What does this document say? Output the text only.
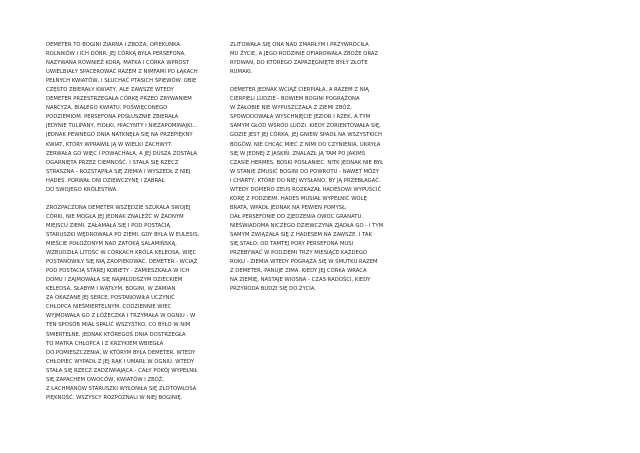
DEMETER TO BOGINI ZIARNA I ZBOŻA, OPIEKUNKA
ROLNIKÓW I ICH DÓBR. JEJ CÓRKĄ BYŁA PERSEFONA,
NAZYWANA RÓWNIEŻ KORĄ. MATKA I CÓRKA WPROST
UWIELBIAŁY SPACEROWAĆ RAZEM Z NIMFAMI PO ŁĄKACH
PEŁNYCH KWIATÓW, I SŁUCHAĆ PTASICH ŚPIEWÓW. OBIE
CZĘSTO ZBIERAŁY KWIATY, ALE ZAWSZE WTEDY
DEMETER PRZESTRZEGAŁA CÓRKĘ PRZED ZRYWANIEM
NARCYZA, BIAŁEGO KWIATU, POŚWIĘCONEGO
PODZIEMIOM. PERSEFONA POSŁUSZNIE ZBIERAŁA
JEDYNIE TULIPANY, FIOŁKI, HIACYNTY I NIEZAPOMINAJKI...
JEDNAK PEWNEGO DNIA NATKNĘŁA SIĘ NA PRZEPIĘKNY
KWIAT, KTÓRY WPRAWIŁ JĄ W WIELKI ZACHWYT.
ZERWAŁA GO WIĘC I POWĄCHAŁA, A JEJ DUSZA ZOSTAŁA
OGARNIĘTA PRZEZ CIEMNOŚĆ. I STAŁA SIĘ RZECZ
STRASZNA - ROZSTĄPIŁA SIĘ ZIEMIA I WYSZEDŁ Z NIEJ
HADES. PORWAŁ ONI DZIEWCZYNĘ I ZABRAŁ
DO SWOJEGO KRÓLESTWA.
ZROZPACZONA DEMETER WSZĘDZIE SZUKAŁA SWOJEJ
CÓRKI, NIE MOGŁA JEJ JEDNAK ZNALEŹĆ W ŻADNYM
MIEJSCU ZIEMI. ZAŁAMAŁA SIĘ I POD POSTACIĄ
STARUSZKI WĘDROWAŁA PO ZIEMI. GDY BYŁA W EULESIS,
MIEŚCIE POŁOŻONYM NAD ZATOKĄ SALAMIŃSKĄ,
WZBUDZIŁA LITOŚĆ W CÓRKACH KRÓLA KELEOSA, WIĘC
POSTANOWIŁY SIĘ NIĄ ZAOPIEKOWAĆ. DEMETER - WCIĄŻ
POD POSTACIĄ STAREJ KOBIETY - ZAMIESZKAŁA W ICH
DOMU I ZAJMOWAŁA SIĘ NAJMŁODSZYM DZIECKIEM
KELEOSA, SŁABYM I WĄTŁYM. BOGINI, W ZAMIAN
ZA OKAZANE JEJ SERCE, POSTANOWIŁA UCZYNIĆ
CHŁOPCA NIEŚMIERTELNYM. CODZIENNIE WIEC
WYJMOWAŁA GO Z ŁÓŻECZKA I TRZYMAŁA W OGNIU - W
TEN SPOSÓB MIAŁ SPALIĆ WSZYSTKO, CO BYŁO W NIM
ŚMIERTELNE. JEDNAK KTÓREGOŚ DNIA DOSTRZEGŁA
TO MATKA CHŁOPCA I Z KRZYKIEM WBIEGŁA
DO POMIESZCZENIA, W KTÓRYM BYŁA DEMETER. WTEDY
CHŁOPIEC WYPADŁ Z JEJ RĄK I UMARŁ W OGNIU. WTEDY
STAŁA SIĘ RZECZ ZADZIWIAJĄCA - CAŁY POKÓJ WYPEŁNIŁ
SIĘ ZAPACHEM OWOCÓW, KWIATÓW I ZBÓŻ,
Z ŁACHMANÓW STARUSZKI WYŁONIŁA SIĘ ZŁOTOWŁOSA
PIĘKNOŚĆ. WSZYSCY ROZPOZNALI W NIEJ BOGINIĘ.
ZLITOWAŁA SIĘ ONA NAD ZMARŁYM I PRZYWRÓCIŁA
MU ŻYCIE, A JEGO RODZINIE OFIAROWAŁA ZBOŻE ORAZ
RYDWAN, DO KTÓREGO ZAPRZĘGNIĘTE BYŁY ZŁOTE
RUMAKI.
DEMETER JEDNAK WCIĄŻ CIERPIAŁA, A RAZEM Z NIĄ
CIERPIELI LUDZIE - BOWIEM BOGINI POGRĄŻONA
W ŻAŁOBIE NIE WYPUSZCZAŁA Z ZIEMI ZBÓŻ,
SPOWODOWAŁA WYSCHNIĘCIE JEZIOR I RZEK, A TYM
SAMYM GŁÓD WŚRÓD LUDZI. KIEDY ZORIENTOWAŁA SIĘ,
GDZIE JEST JEJ CÓRKA, JEJ GNIEW SPADŁ NA WSZYSTKICH
BOGÓW. NIE CHCĄC MIEĆ Z NIMI DO CZYNIENIA, UKRYŁA
SIĘ W JEDNEJ Z JASKIŃ. ZNALAZŁ JĄ TAM PO JAKIMŚ
CZASIE HERMES, BOSKI POSŁANIEC. NITK JEDNAK NIE BYŁ
W STANIE ZMUSIĆ BOGINI DO POWROTU - NAWET MÓZY
I CHARTY, KTÓRE DO NIEJ WYSŁANO, BY JĄ PRZEBŁAGAĆ.
WTEDY DOPIERO ZEUS ROZKAZAŁ HADESOWI WYPUŚCIĆ
KORĘ Z PODZIEMI. HADES MUSIAŁ WYPEŁNIĆ WOLĘ
BRATA, WPADŁ JEDNAK NA PEWIEN POMYSŁ:
DAŁ PERSEFONIE DO ZJEDZENIA OWOC GRANATU.
NIEŚWIADOMA NICZEGO DZIEWCZYNA ZJADŁA GO - I TYM
SAMYM ZWIĄZAŁA SIĘ Z HADESEM NA ZAWSZE. I TAK
SIĘ STAŁO: OD TAMTEJ PORY PERSEFONA MUSI
PRZEBYWAĆ W PODZIEMI TRZY MIESIĄCE KAŻDEGO
ROKU - ZIEMIA WTEDY POGRĄŻA SIĘ W SMUTKU RAZEM
Z DEMETER, PANUJE ZIMA. KIEDY JEJ CÓRKA WRACA
NA ZIEMIĘ, NASTAJE WIOSNA - CZAS RADOŚCI, KIEDY
PRZYRODA BUDZI SIĘ DO ŻYCIA.
